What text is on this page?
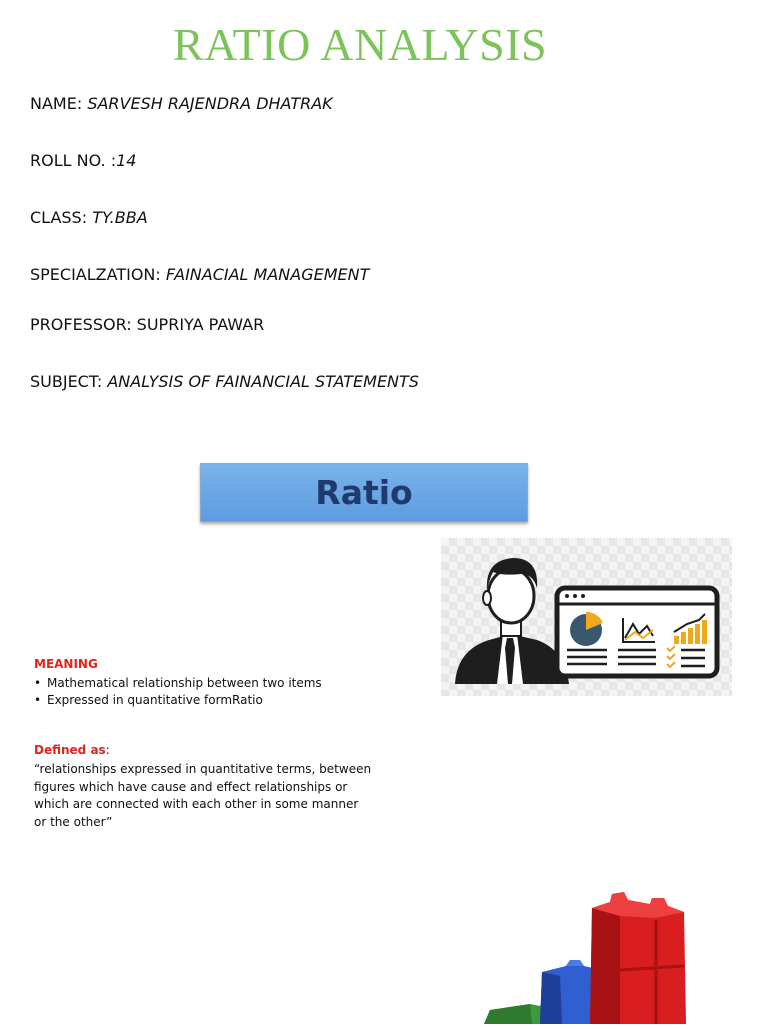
RATIO ANALYSIS
NAME: SARVESH RAJENDRA DHATRAK
ROLL NO. :14
CLASS: TY.BBA
SPECIALZATION: FAINACIAL MANAGEMENT
PROFESSOR: SUPRIYA PAWAR
SUBJECT: ANALYSIS OF FAINANCIAL STATEMENTS
Ratio
MEANING
• Mathematical relationship between two items
• Expressed in quantitative formRatio
Defined as:
“relationships expressed in quantitative terms, between figures which have cause and effect relationships or which are connected with each other in some manner or the other”
